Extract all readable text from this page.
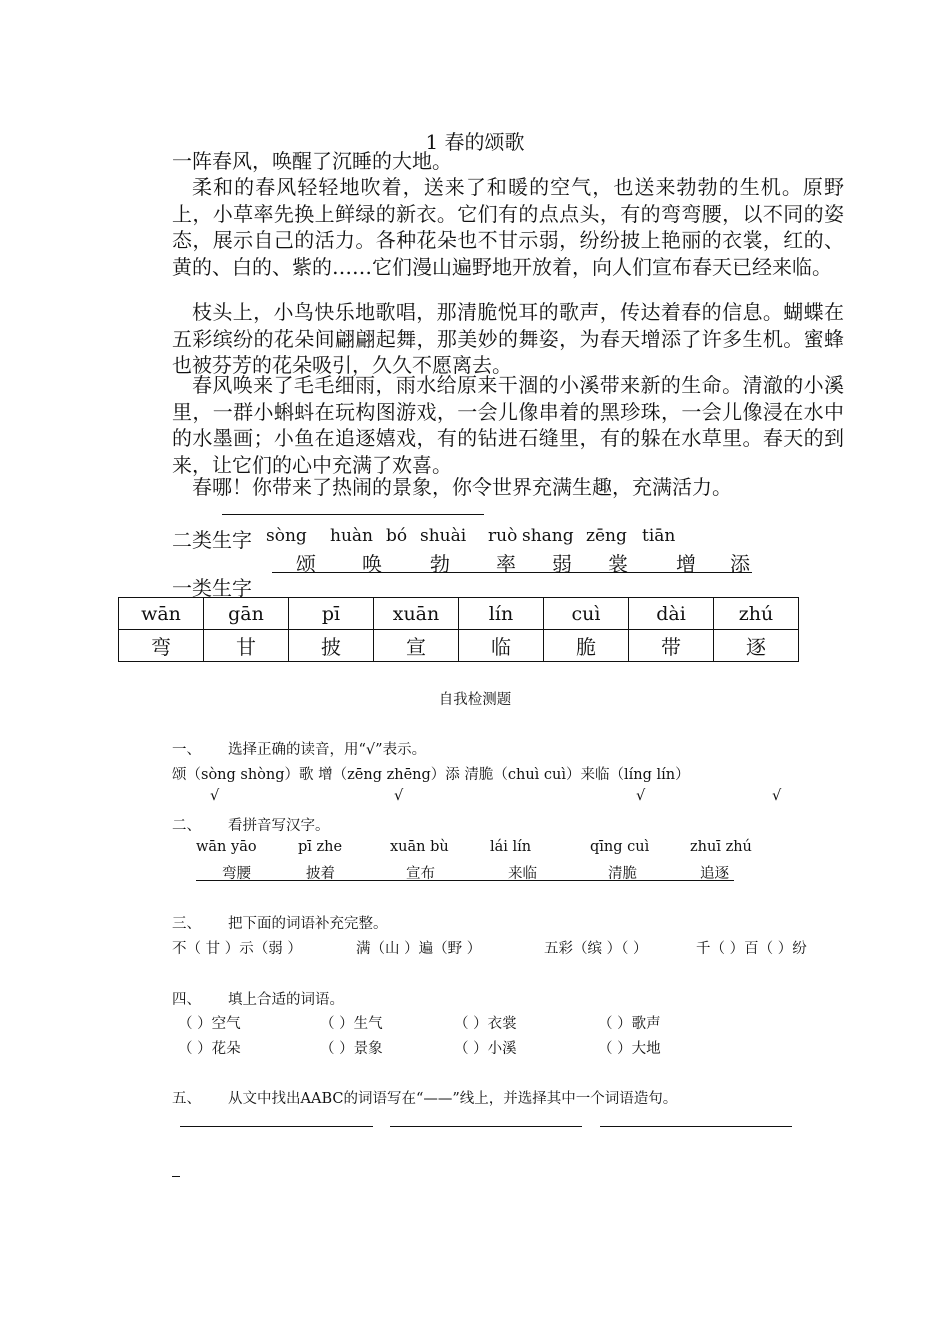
1 春的颂歌
一阵春风，唤醒了沉睡的大地。
柔和的春风轻轻地吹着，送来了和暖的空气，也送来勃勃的生机。原野上，小草率先换上鲜绿的新衣。它们有的点点头，有的弯弯腰，以不同的姿态，展示自己的活力。各种花朵也不甘示弱，纷纷披上艳丽的衣裳，红的、黄的、白的、紫的……它们漫山遍野地开放着，向人们宣布春天已经来临。
枝头上，小鸟快乐地歌唱，那清脆悦耳的歌声，传达着春的信息。蝴蝶在五彩缤纷的花朵间翩翩起舞，那美妙的舞姿，为春天增添了许多生机。蜜蜂也被芬芳的花朵吸引，久久不愿离去。
春风唤来了毛毛细雨，雨水给原来干涸的小溪带来新的生命。清澈的小溪里，一群小蝌蚪在玩构图游戏，一会儿像串着的黑珍珠，一会儿像浸在水中的水墨画；小鱼在追逐嬉戏，有的钻进石缝里，有的躲在水草里。春天的到来，让它们的心中充满了欢喜。
春哪！你带来了热闹的景象，你令世界充满生趣，充满活力。
二类生字 sòng huàn bó shuài ruò shang zēng tiān
颂 唤 勃 率 弱 裳 增 添
一类生字
wān	gān	pī	xuān	lín	cuì	dài	zhú
弯	甘	披	宣	临	脆	带	逐
自我检测题
一、 选择正确的读音，用“√”表示。
颂（sòng shòng）歌 增（zēng zhēng）添 清脆（chuì cuì）来临（líng lín）
√	√	√	√
二、 看拼音写汉字。
wān yāo	pī zhe	xuān bù	lái lín	qīng cuì	zhuī zhú
弯腰	披着	宣布	来临	清脆	追逐
三、 把下面的词语补充完整。
不（ 甘 ）示（弱 ）	满（山 ）遍（野 ）	五彩（缤 ）（ ）	千（ ）百（ ）纷
四、 填上合适的词语。
（ ）空气	（ ）生气	（ ）衣裳	（ ）歌声
（ ）花朵	（ ）景象	（ ）小溪	（ ）大地
五、 从文中找出AABC的词语写在“——”线上，并选择其中一个词语造句。
